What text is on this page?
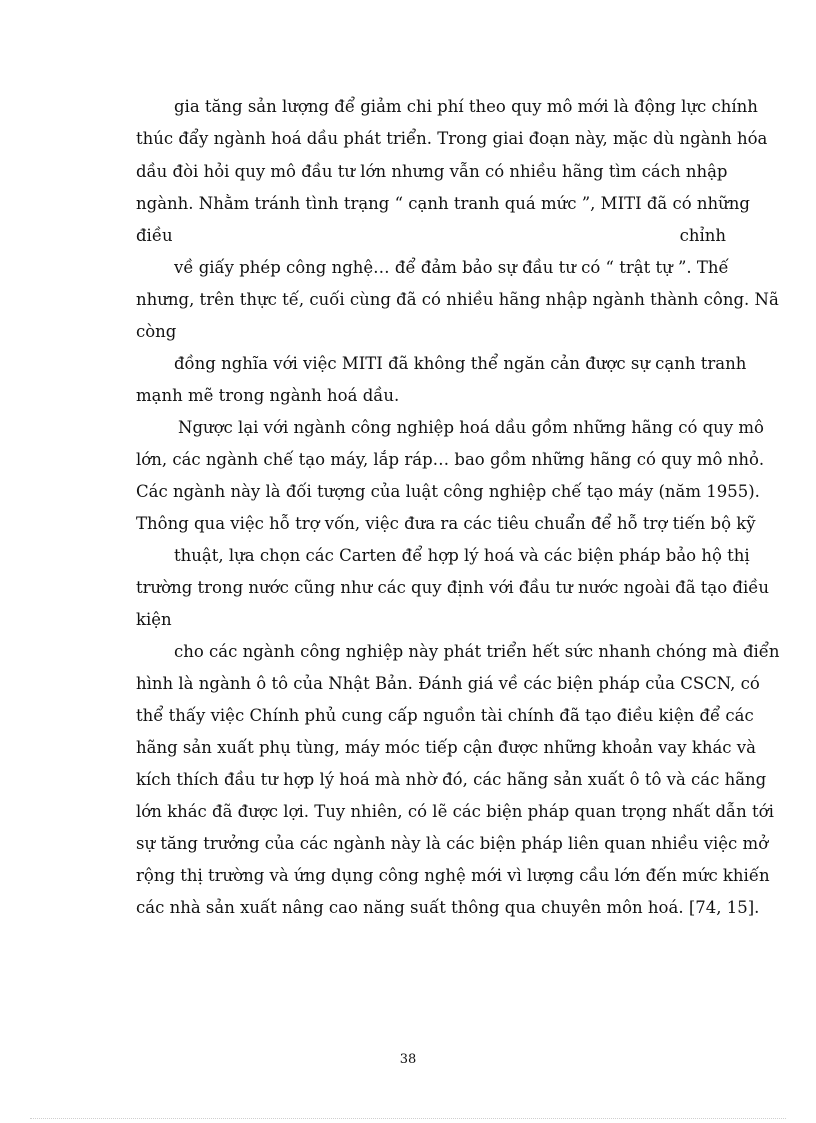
gia tăng sản lượng để giảm chi phí theo quy mô mới là động lực chính
thúc đẩy ngành hoá dầu phát triển. Trong giai đoạn này, mặc dù ngành hóa
dầu đòi hỏi quy mô đầu tư lớn nhưng vẫn có nhiều hãng tìm cách nhập
ngành. Nhằm tránh tình trạng “ cạnh tranh quá mức ”, MITI đã có những
điều chỉnh
về giấy phép công nghệ… để đảm bảo sự đầu tư có “ trật tự ”. Thế
nhưng, trên thực tế, cuối cùng đã có nhiều hãng nhập ngành thành công. Nã
còng
đồng nghĩa với việc MITI đã không thể ngăn cản được sự cạnh tranh
mạnh mẽ trong ngành hoá dầu.
Ngược lại với ngành công nghiệp hoá dầu gồm những hãng có quy mô
lớn, các ngành chế tạo máy, lắp ráp… bao gồm những hãng có quy mô nhỏ.
Các ngành này là đối tượng của luật công nghiệp chế tạo máy (năm 1955).
Thông qua việc hỗ trợ vốn, việc đưa ra các tiêu chuẩn để hỗ trợ tiến bộ kỹ
thuật, lựa chọn các Carten để hợp lý hoá và các biện pháp bảo hộ thị
trường trong nước cũng như các quy định với đầu tư nước ngoài đã tạo điều
kiện
cho các ngành công nghiệp này phát triển hết sức nhanh chóng mà điển
hình là ngành ô tô của Nhật Bản. Đánh giá về các biện pháp của CSCN, có
thể thấy việc Chính phủ cung cấp nguồn tài chính đã tạo điều kiện để các
hãng sản xuất phụ tùng, máy móc tiếp cận được những khoản vay khác và
kích thích đầu tư hợp lý hoá mà nhờ đó, các hãng sản xuất ô tô và các hãng
lớn khác đã được lợi. Tuy nhiên, có lẽ các biện pháp quan trọng nhất dẫn tới
sự tăng trưởng của các ngành này là các biện pháp liên quan nhiều việc mở
rộng thị trường và ứng dụng công nghệ mới vì lượng cầu lớn đến mức khiến
các nhà sản xuất nâng cao năng suất thông qua chuyên môn hoá. [74, 15].
38
